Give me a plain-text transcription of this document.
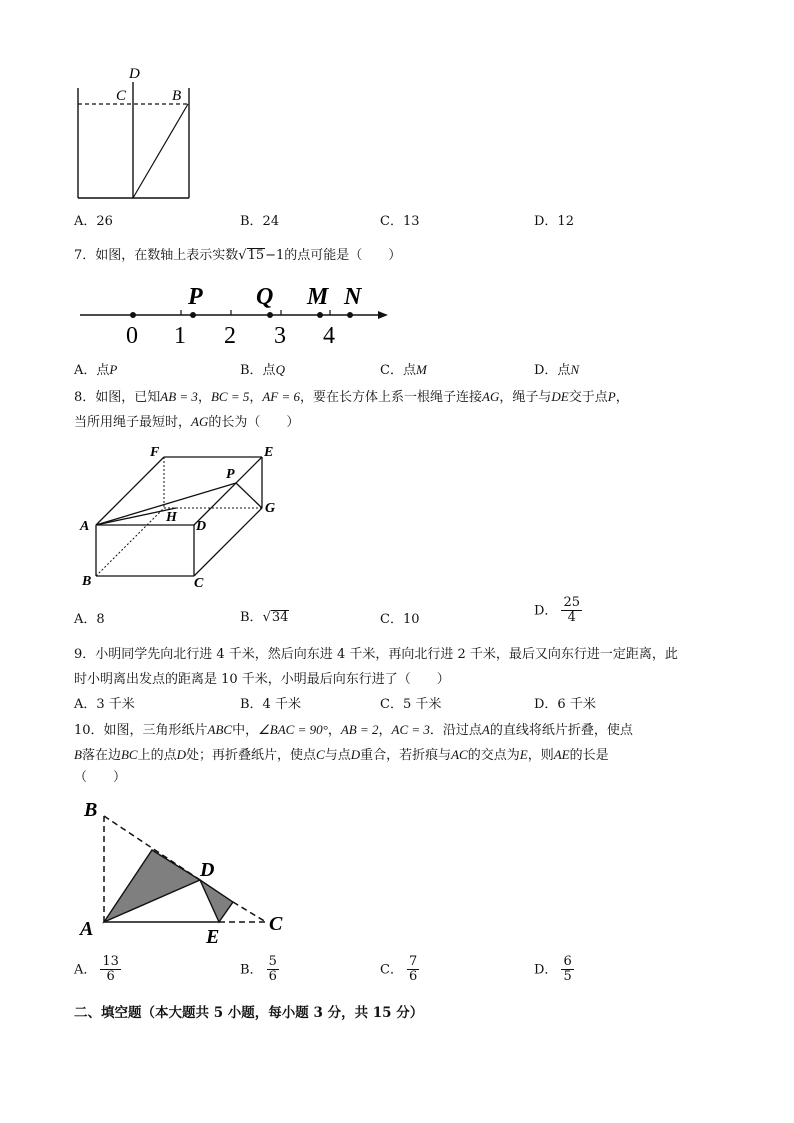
D
C	B
A．26	B．24	C．13	D．12
7．如图，在数轴上表示实数√15−1的点可能是（　　）
P Q M N
0 1 2 3 4
A．点P	B．点Q	C．点M	D．点N
8．如图，已知AB = 3，BC = 5，AF = 6，要在长方体上系一根绳子连接AG，绳子与DE交于点P，
当所用绳子最短时，AG的长为（　　）
F	E
P
G
A
H
D
B	C
A．8	B．√34	C．10
D． $\frac{25}{4}$
9．小明同学先向北行进 4 千米，然后向东进 4 千米，再向北行进 2 千米，最后又向东行进一定距离，此
时小明离出发点的距离是 10 千米，小明最后向东行进了（　　）
A．3 千米	B．4 千米	C．5 千米	D．6 千米
10．如图，三角形纸片ABC中，∠BAC = 90°，AB = 2，AC = 3．沿过点A的直线将纸片折叠，使点
B落在边BC上的点D处；再折叠纸片，使点C与点D重合，若折痕与AC的交点为E，则AE的长是
（　　）
B
D
A	E
C
A． $\frac{13}{6}$	B． $\frac{5}{6}$	C． $\frac{7}{6}$	D． $\frac{6}{5}$
二、填空题（本大题共 5 小题，每小题 3 分，共 15 分）
